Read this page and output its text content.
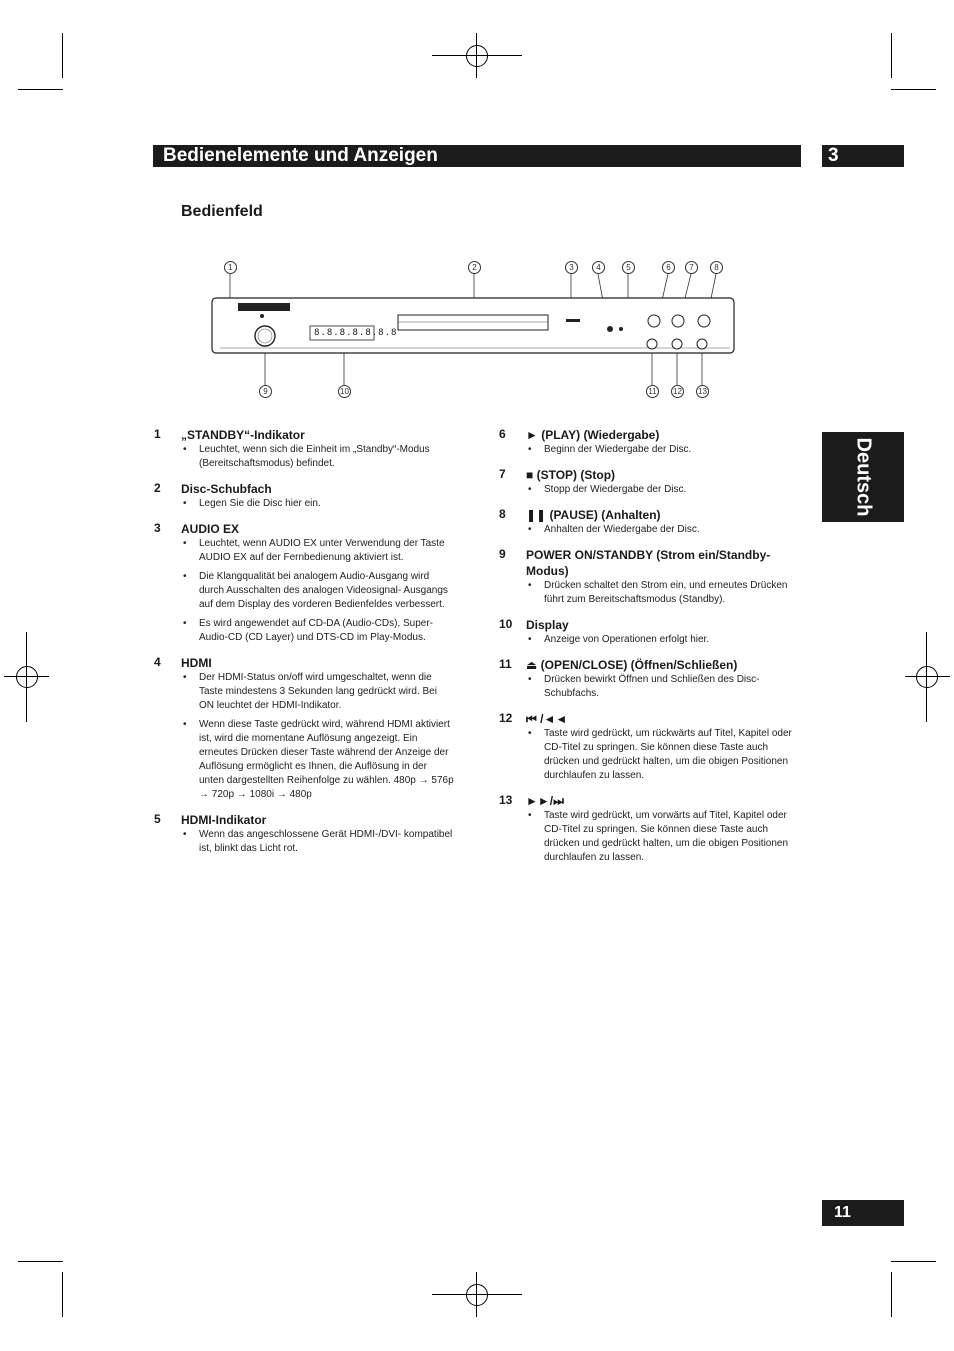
Bedienelemente und Anzeigen	3
Deutsch
Bedienfeld
8.8.8.8.8.8.8
1	2	3	4	5	6	7	8
9	10	11 12 13
1 „STANDBY“-Indikator
• Leuchtet, wenn sich die Einheit im „Standby“-Modus (Bereitschaftsmodus) befindet.
2 Disc-Schubfach
• Legen Sie die Disc hier ein.
3 AUDIO EX
• Leuchtet, wenn AUDIO EX unter Verwendung der Taste AUDIO EX auf der Fernbedienung aktiviert ist.
• Die Klangqualität bei analogem Audio-Ausgang wird durch Ausschalten des analogen Videosignal- Ausgangs auf dem Display des vorderen Bedienfeldes verbessert.
• Es wird angewendet auf CD-DA (Audio-CDs), Super-Audio-CD (CD Layer) und DTS-CD im Play-Modus.
4 HDMI
• Der HDMI-Status on/off wird umgeschaltet, wenn die Taste mindestens 3 Sekunden lang gedrückt wird. Bei ON leuchtet der HDMI-Indikator.
• Wenn diese Taste gedrückt wird, während HDMI aktiviert ist, wird die momentane Auflösung angezeigt. Ein erneutes Drücken dieser Taste während der Anzeige der Auflösung ermöglicht es Ihnen, die Auflösung in der unten dargestellten Reihenfolge zu wählen. 480p → 576p → 720p → 1080i → 480p
5 HDMI-Indikator
• Wenn das angeschlossene Gerät HDMI-/DVI- kompatibel ist, blinkt das Licht rot.
6 ► (PLAY) (Wiedergabe)
• Beginn der Wiedergabe der Disc.
7 ■ (STOP) (Stop)
• Stopp der Wiedergabe der Disc.
8 ❚❚ (PAUSE) (Anhalten)
• Anhalten der Wiedergabe der Disc.
9 POWER ON/STANDBY (Strom ein/Standby-Modus)
• Drücken schaltet den Strom ein, und erneutes Drücken führt zum Bereitschaftsmodus (Standby).
10 Display
• Anzeige von Operationen erfolgt hier.
11 ⏏ (OPEN/CLOSE) (Öffnen/Schließen)
• Drücken bewirkt Öffnen und Schließen des Disc-Schubfachs.
12 ⏮ /◄◄
• Taste wird gedrückt, um rückwärts auf Titel, Kapitel oder CD-Titel zu springen. Sie können diese Taste auch drücken und gedrückt halten, um die obigen Positionen durchlaufen zu lassen.
13 ►►/⏭
• Taste wird gedrückt, um vorwärts auf Titel, Kapitel oder CD-Titel zu springen. Sie können diese Taste auch drücken und gedrückt halten, um die obigen Positionen durchlaufen zu lassen.
11
